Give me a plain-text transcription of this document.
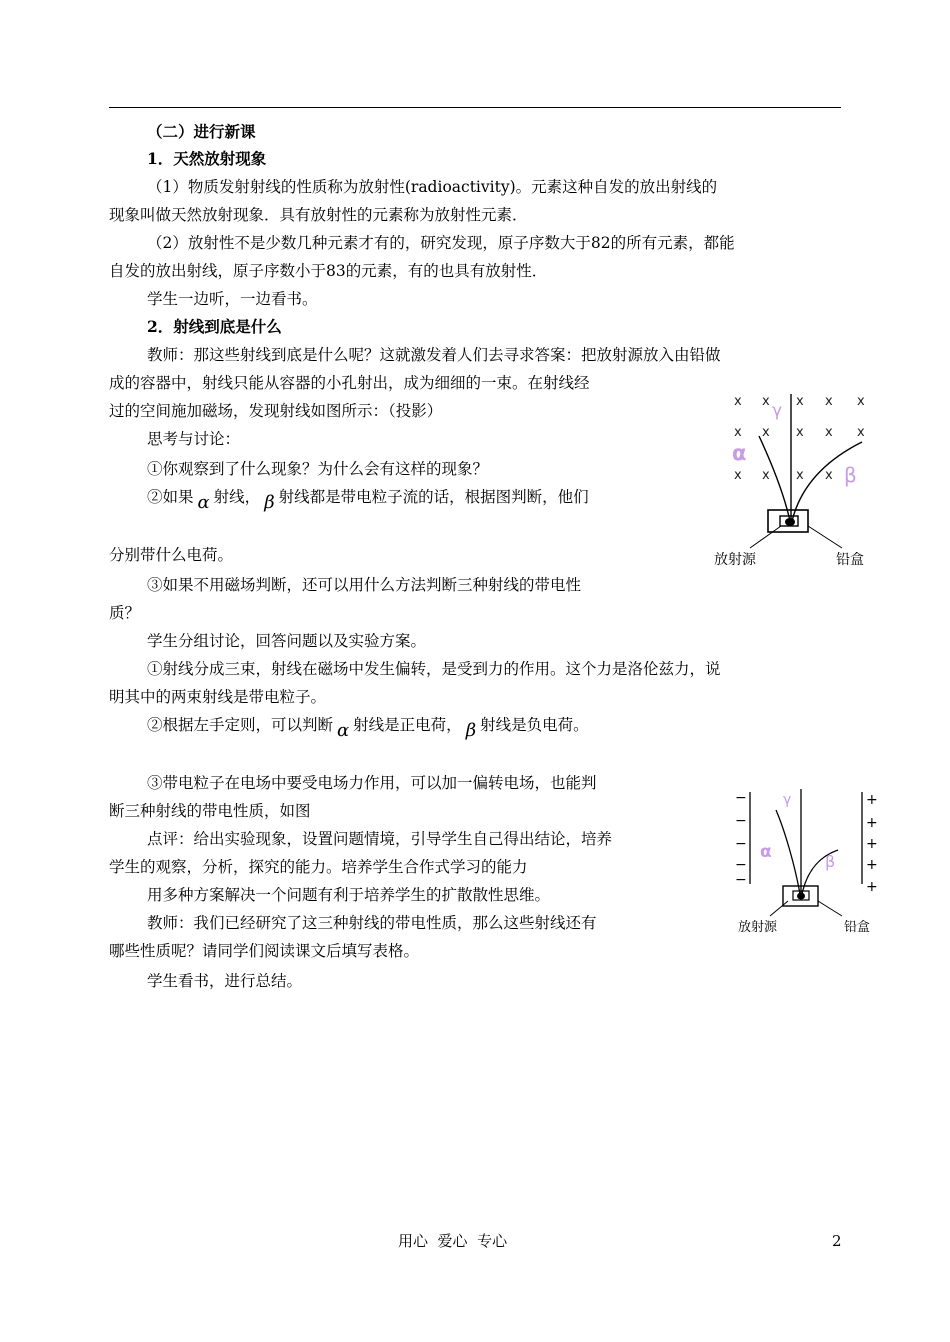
（二）进行新课
1．天然放射现象
（1）物质发射射线的性质称为放射性(radioactivity)。元素这种自发的放出射线的
现象叫做天然放射现象．具有放射性的元素称为放射性元素．
（2）放射性不是少数几种元素才有的，研究发现，原子序数大于82的所有元素，都能
自发的放出射线，原子序数小于83的元素，有的也具有放射性．
学生一边听，一边看书。
2．射线到底是什么
教师：那这些射线到底是什么呢？这就激发着人们去寻求答案：把放射源放入由铅做
成的容器中，射线只能从容器的小孔射出，成为细细的一束。在射线经
过的空间施加磁场，发现射线如图所示：（投影）
思考与讨论：
①你观察到了什么现象？为什么会有这样的现象？
②如果 α 射线， β 射线都是带电粒子流的话，根据图判断，他们
分别带什么电荷。
③如果不用磁场判断，还可以用什么方法判断三种射线的带电性
质？
学生分组讨论，回答问题以及实验方案。
①射线分成三束，射线在磁场中发生偏转，是受到力的作用。这个力是洛伦兹力，说
明其中的两束射线是带电粒子。
②根据左手定则，可以判断 α 射线是正电荷， β 射线是负电荷。
③带电粒子在电场中要受电场力作用，可以加一偏转电场，也能判
断三种射线的带电性质，如图
点评：给出实验现象，设置问题情境，引导学生自己得出结论，培养
学生的观察，分析，探究的能力。培养学生合作式学习的能力
用多种方案解决一个问题有利于培养学生的扩散散性思维。
教师：我们已经研究了这三种射线的带电性质，那么这些射线还有
哪些性质呢？请同学们阅读课文后填写表格。
学生看书，进行总结。
x x x x x
x x x x x
x x x x
α
γ
β
放射源	铅盒
−
−
−
−
−
+
+
+
+
+
α
γ
β
放射源	铅盒
用心  爱心  专心	2
